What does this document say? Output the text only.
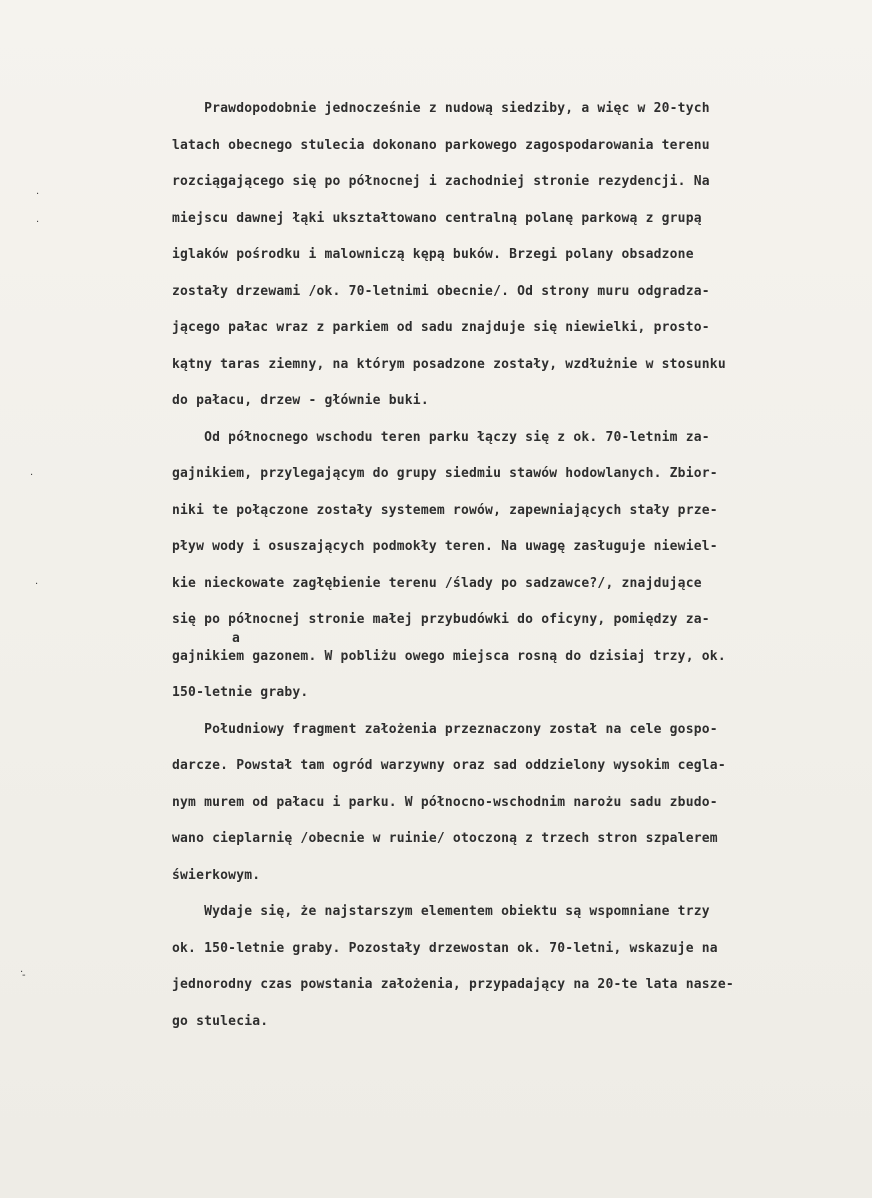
·
·
·
·
·
-
Prawdopodobnie jednocześnie z nudową siedziby, a więc w 20-tych
latach obecnego stulecia dokonano parkowego zagospodarowania terenu
rozciągającego się po północnej i zachodniej stronie rezydencji. Na
miejscu dawnej łąki ukształtowano centralną polanę parkową z grupą
iglaków pośrodku i malowniczą kępą buków. Brzegi polany obsadzone
zostały drzewami /ok. 70-letnimi obecnie/. Od strony muru odgradza-
jącego pałac wraz z parkiem od sadu znajduje się niewielki, prosto-
kątny taras ziemny, na którym posadzone zostały, wzdłużnie w stosunku
do pałacu, drzew - głównie buki.
Od północnego wschodu teren parku łączy się z ok. 70-letnim za-
gajnikiem, przylegającym do grupy siedmiu stawów hodowlanych. Zbior-
niki te połączone zostały systemem rowów, zapewniających stały prze-
pływ wody i osuszających podmokły teren. Na uwagę zasługuje niewiel-
kie nieckowate zagłębienie terenu /ślady po sadzawce?/, znajdujące
się po północnej stronie małej przybudówki do oficyny, pomiędzy za-
a
gajnikiem gazonem. W pobliżu owego miejsca rosną do dzisiaj trzy, ok.
150-letnie graby.
Południowy fragment założenia przeznaczony został na cele gospo-
darcze. Powstał tam ogród warzywny oraz sad oddzielony wysokim cegla-
nym murem od pałacu i parku. W północno-wschodnim narożu sadu zbudo-
wano cieplarnię /obecnie w ruinie/ otoczoną z trzech stron szpalerem
świerkowym.
Wydaje się, że najstarszym elementem obiektu są wspomniane trzy
ok. 150-letnie graby. Pozostały drzewostan ok. 70-letni, wskazuje na
jednorodny czas powstania założenia, przypadający na 20-te lata nasze-
go stulecia.
